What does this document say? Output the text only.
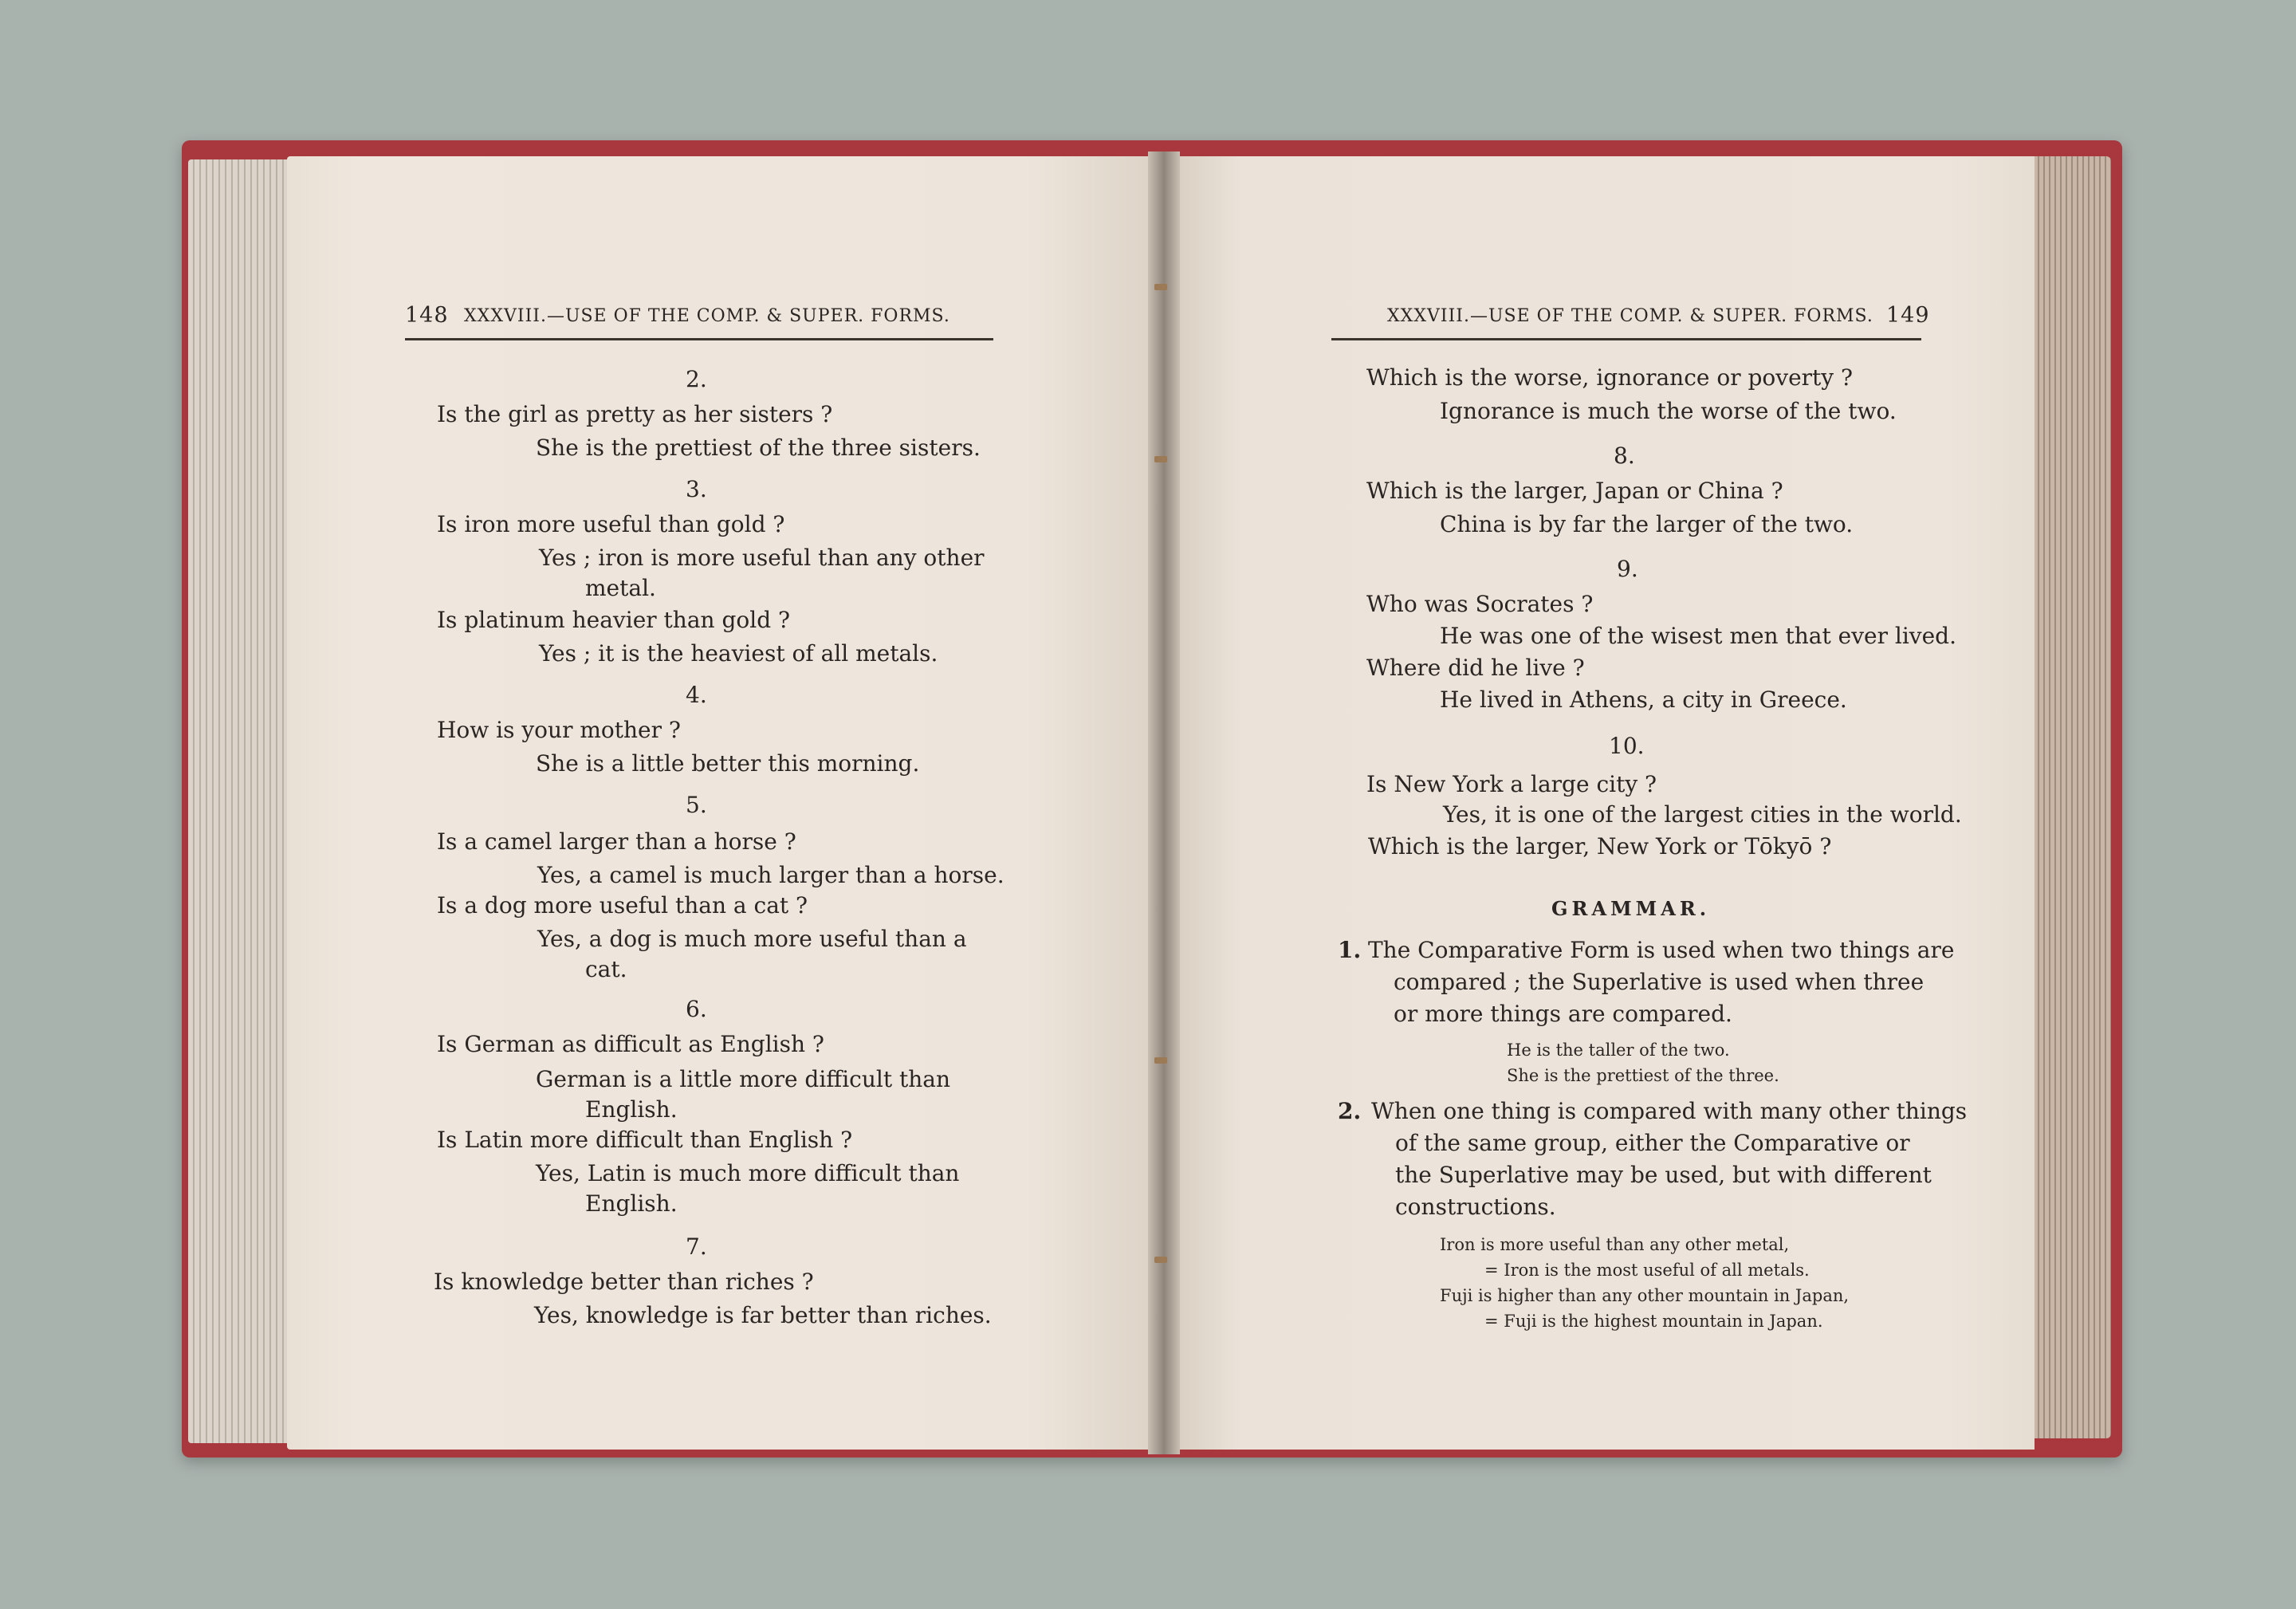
148 XXXVIII.—USE OF THE COMP. & SUPER. FORMS.
2.
Is the girl as pretty as her sisters ?
She is the prettiest of the three sisters.
3.
Is iron more useful than gold ?
Yes ; iron is more useful than any other
metal.
Is platinum heavier than gold ?
Yes ; it is the heaviest of all metals.
4.
How is your mother ?
She is a little better this morning.
5.
Is a camel larger than a horse ?
Yes, a camel is much larger than a horse.
Is a dog more useful than a cat ?
Yes, a dog is much more useful than a
cat.
6.
Is German as difficult as English ?
German is a little more difficult than
English.
Is Latin more difficult than English ?
Yes, Latin is much more difficult than
English.
7.
Is knowledge better than riches ?
Yes, knowledge is far better than riches.
XXXVIII.—USE OF THE COMP. & SUPER. FORMS. 149
Which is the worse, ignorance or poverty ?
Ignorance is much the worse of the two.
8.
Which is the larger, Japan or China ?
China is by far the larger of the two.
9.
Who was Socrates ?
He was one of the wisest men that ever lived.
Where did he live ?
He lived in Athens, a city in Greece.
10.
Is New York a large city ?
Yes, it is one of the largest cities in the world.
Which is the larger, New York or Tōkyō ?
GRAMMAR.
1. The Comparative Form is used when two things are
compared ; the Superlative is used when three
or more things are compared.
He is the taller of the two.
She is the prettiest of the three.
2. When one thing is compared with many other things
of the same group, either the Comparative or
the Superlative may be used, but with different
constructions.
Iron is more useful than any other metal,
= Iron is the most useful of all metals.
Fuji is higher than any other mountain in Japan,
= Fuji is the highest mountain in Japan.
